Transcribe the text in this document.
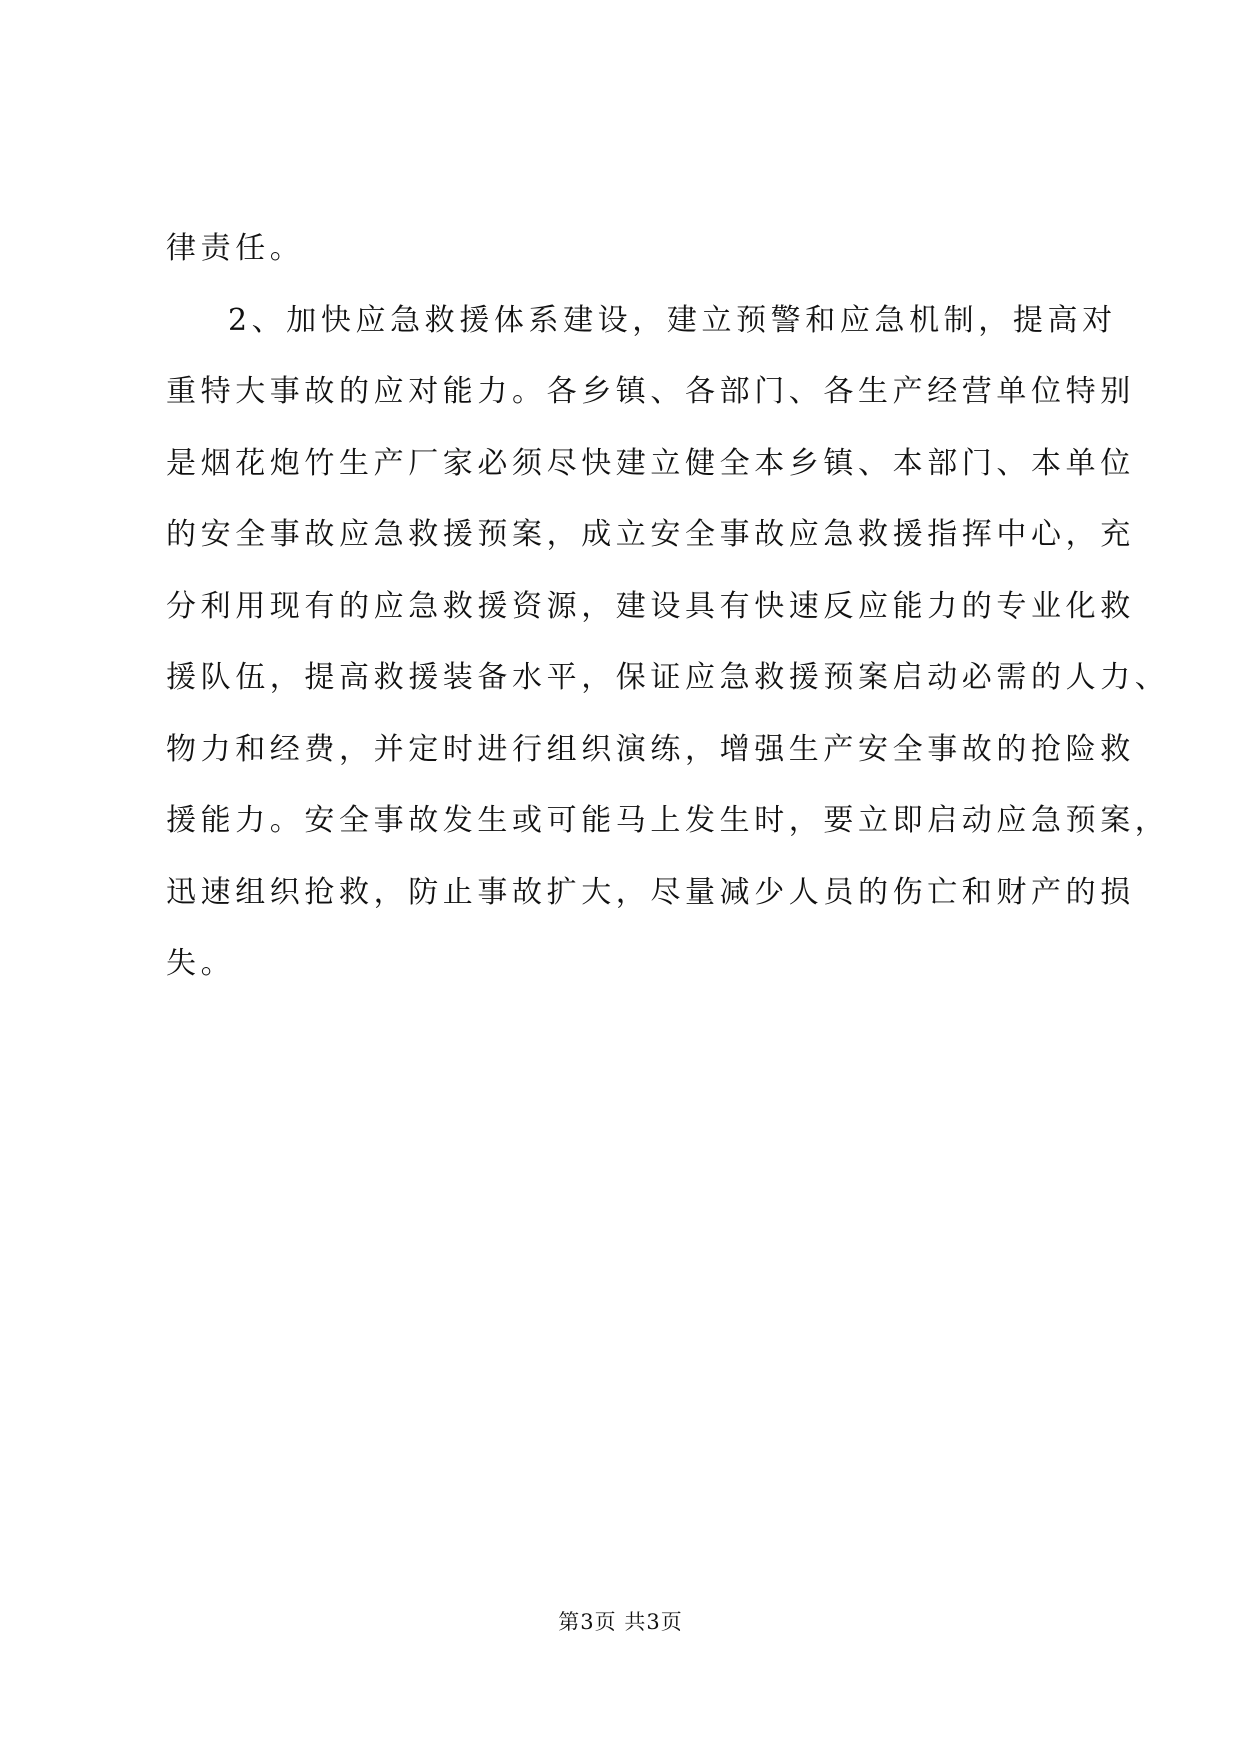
律责任。
2、加快应急救援体系建设，建立预警和应急机制，提高对
重特大事故的应对能力。各乡镇、各部门、各生产经营单位特别
是烟花炮竹生产厂家必须尽快建立健全本乡镇、本部门、本单位
的安全事故应急救援预案，成立安全事故应急救援指挥中心，充
分利用现有的应急救援资源，建设具有快速反应能力的专业化救
援队伍，提高救援装备水平，保证应急救援预案启动必需的人力、
物力和经费，并定时进行组织演练，增强生产安全事故的抢险救
援能力。安全事故发生或可能马上发生时，要立即启动应急预案，
迅速组织抢救，防止事故扩大，尽量减少人员的伤亡和财产的损
失。
第3页 共3页
